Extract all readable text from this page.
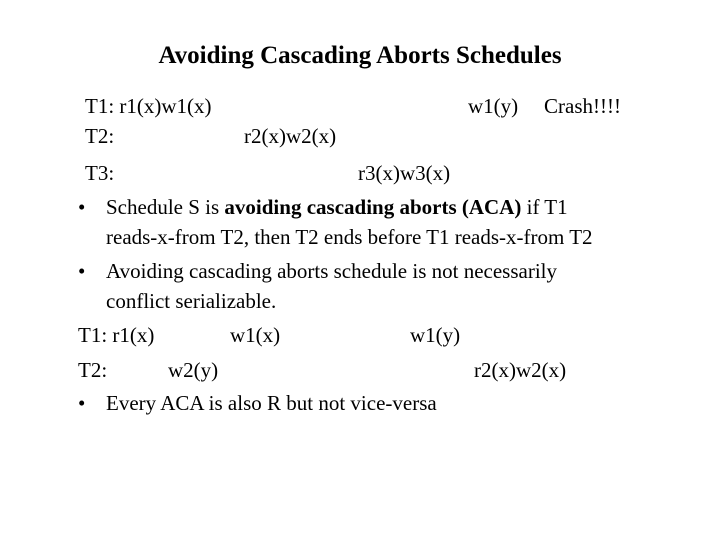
Avoiding Cascading Aborts Schedules
T1: r1(x)w1(x)	w1(y) Crash!!!!
T2:	r2(x)w2(x)
T3:	r3(x)w3(x)
• Schedule S is avoiding cascading aborts (ACA) if T1
reads-x-from T2, then T2 ends before T1 reads-x-from T2
• Avoiding cascading aborts schedule is not necessarily
conflict serializable.
T1: r1(x)	w1(x)	w1(y)
T2:	w2(y)	r2(x)w2(x)
• Every ACA is also R but not vice-versa
